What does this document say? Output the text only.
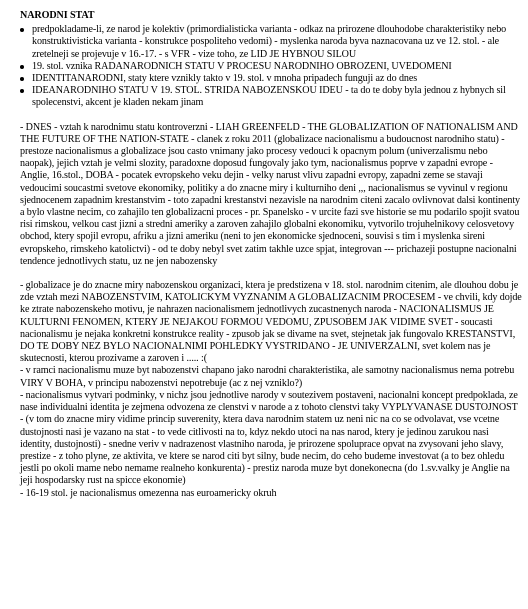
NARODNI STAT
predpokladame-li, ze narod je kolektiv (primordialisticka varianta - odkaz na prirozene dlouhodobe charakteristiky nebo konstruktivisticka varianta - konstrukce pospoliteho vedomi) - myslenka naroda byva naznacovana uz ve 12. stol. - ale zretelneji se projevuje v 16.-17. - s VFR - vize toho, ze LID JE HYBNOU SILOU
19. stol. vznika RADANARODNICH STATU V PROCESU NARODNIHO OBROZENI, UVEDOMENI
IDENTITANARODNI, staty ktere vznikly takto v 19. stol. v mnoha pripadech funguji az do dnes
IDEANARODNIHO STATU V 19. STOL. STRIDA NABOZENSKOU IDEU - ta do te doby byla jednou z hybnych sil spolecenstvi, akcent je kladen nekam jinam

- DNES - vztah k narodnimu statu kontroverzni - LIAH GREENFELD - THE GLOBALIZATION OF NATIONALISM AND THE FUTURE OF THE NATION-STATE - clanek z roku 2011 (globalizace nacionalismu a budoucnost narodniho statu) - prestoze nacionalismus a globalizace jsou casto vnimany jako procesy vedouci k opacnym polum (univerzalismu nebo naopak), jejich vztah je velmi slozity, paradoxne doposud fungovaly jako tym, nacionalismus poprve v zapadni evrope - Anglie, 16.stol., DOBA - pocatek evropskeho veku dejin - velky narust vlivu zapadni evropy, zapadni zeme se stavaji vedoucimi soucastmi svetove ekonomiky, politiky a do znacne miry i kulturniho deni ,,, nacionalismus se vyvinul v regionu sjednocenem zapadnim krestanstvim - toto zapadni krestanstvi nezavisle na narodnim citeni zacalo ovlivnovat dalsi kontinenty a bylo vlastne necim, co zahajilo ten globalizacni proces - pr. Spanelsko - v urcite fazi sve historie se mu podarilo spojit svatou risi rimskou, velkou cast jizni a stredni ameriky a zaroven zahajilo globalni ekonomiku, vytvorilo trojuhelnikovy celosvetovy obchod, ktery spojil evropu, afriku a jizni ameriku (neni to jen ekonomicke sjednoceni, souvisi s tim i myslenka sireni evropskeho, rimskeho katolictvi) - od te doby nebyl svet zatim takhle uzce spjat, integrovan --- prichazeji postupne nacionalni tendence jednotlivych statu, uz ne jen nabozensky

- globalizace je do znacne miry nabozenskou organizaci, ktera je predstizena v 18. stol. narodnim citenim, ale dlouhou dobu je zde vztah mezi NABOZENSTVIM, KATOLICKYM VYZNANIM A GLOBALIZACNIM PROCESEM - ve chvili, kdy dojde ke ztrate nabozenskeho motivu, je nahrazen nacionalismem jednotlivych zucastnenych naroda - NACIONALISMUS JE KULTURNI FENOMEN, KTERY JE NEJAKOU FORMOU VEDOMU, ZPUSOBEM JAK VIDIME SVET - soucasti nacionalismu je nejaka konkretni konstrukce reality - zpusob jak se divame na svet, stejnetak jak fungovalo KRESTANSTVI, DO TE DOBY NEZ BYLO NACIONALNIMI POHLEDKY VYSTRIDANO - JE UNIVERZALNI, svet kolem nas je skutecnosti, kterou prozivame a zaroven i ..... :(

- v ramci nacionalismu muze byt nabozenstvi chapano jako narodni charakteristika, ale samotny nacionalismus nema potrebu VIRY V BOHA, v principu nabozenstvi nepotrebuje (ac z nej vzniklo?)

- nacionalismus vytvari podminky, v nichz jsou jednotlive narody v soutezivem postaveni, nacionalni koncept predpoklada, ze nase individualni identita je zejmena odvozena ze clenstvi v narode a z tohoto clenstvi taky VYPLYVANASE DUSTOJNOST - (v tom do znacne miry vidime princip suverenity, ktera dava narodnim statem uz neni nic na co se odvolavat, vse vcetne dustojnosti nasi je vazano na stat - to vede citlivosti na to, kdyz nekdo utoci na nas narod, ktery je jedinou zarukou nasi identity, dustojnosti) - snedne veriv v nadrazenost vlastniho naroda, je prirozene spoluprace opvat na zvysovani jeho slavy, prestize - z toho plyne, ze aktivita, ve ktere se narod citi byt silny, bude necim, do ceho budeme investovat (a to bez ohledu jestli po okoli mame nebo nemame realneho konkurenta) - prestiz naroda muze byt donekonecna (do 1.sv.valky je Anglie na jeji hospodarsky rust na spicce ekonomie)

- 16-19 stol. je nacionalismus omezenna nas euroamericky okruh
